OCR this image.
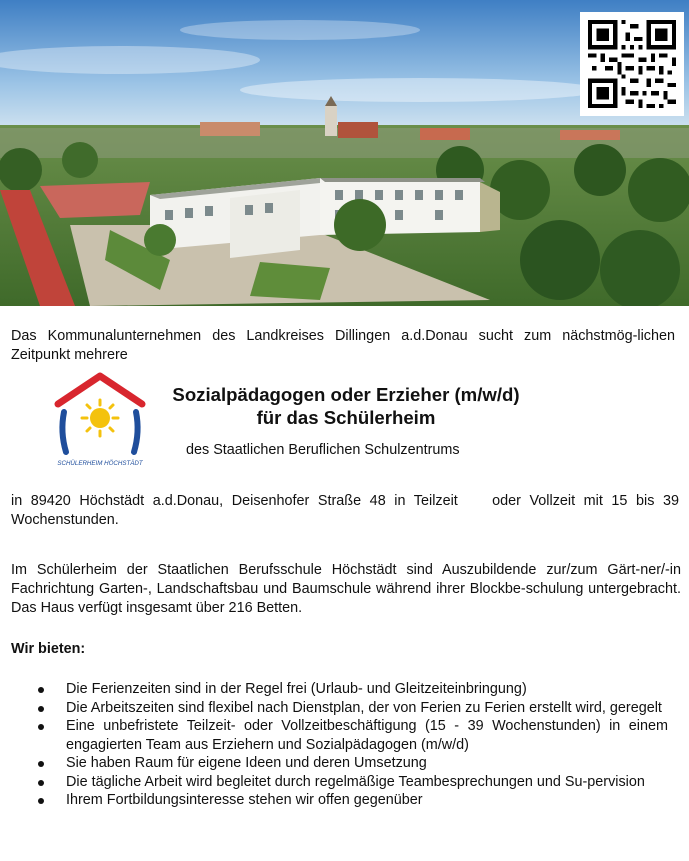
Das Kommunalunternehmen des Landkreises Dillingen a.d.Donau sucht zum nächstmög-lichen Zeitpunkt mehrere
SCHÜLERHEIM HÖCHSTÄDT
Sozialpädagogen oder Erzieher (m/w/d)
für das Schülerheim
des Staatlichen Beruflichen Schulzentrums
in 89420 Höchstädt a.d.Donau, Deisenhofer Straße 48 in Teilzeit    oder Vollzeit mit 15 bis 39 Wochenstunden.
Im Schülerheim der Staatlichen Berufsschule Höchstädt sind Auszubildende zur/zum Gärt-ner/-in Fachrichtung Garten-, Landschaftsbau und Baumschule während ihrer Blockbe-schulung untergebracht. Das Haus verfügt insgesamt über 216 Betten.
Wir bieten:
Die Ferienzeiten sind in der Regel frei (Urlaub- und Gleitzeiteinbringung)
Die Arbeitszeiten sind flexibel nach Dienstplan, der von Ferien zu Ferien erstellt wird, geregelt
Eine unbefristete Teilzeit- oder Vollzeitbeschäftigung (15 - 39 Wochenstunden) in einem engagierten Team aus Erziehern und Sozialpädagogen (m/w/d)
Sie haben Raum für eigene Ideen und deren Umsetzung
Die tägliche Arbeit wird begleitet durch regelmäßige Teambesprechungen und Su-pervision
Ihrem Fortbildungsinteresse stehen wir offen gegenüber
